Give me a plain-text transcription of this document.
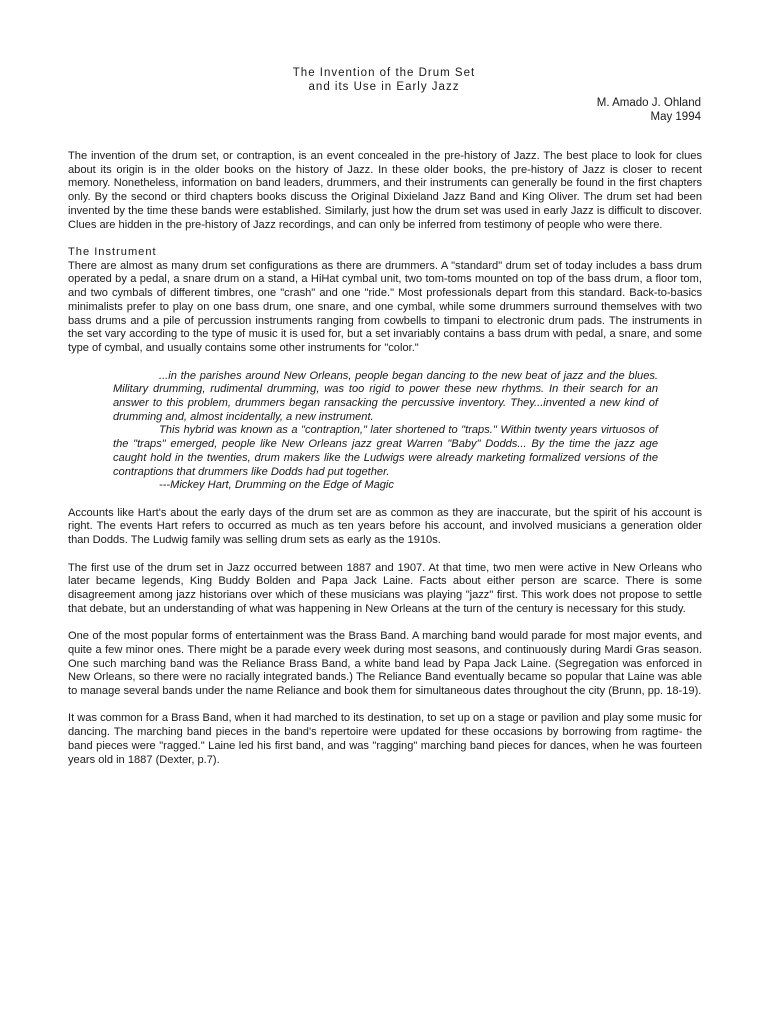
The Invention of the Drum Set
and its Use in Early Jazz
M. Amado J. Ohland
May 1994

The invention of the drum set, or contraption, is an event concealed in the pre-history of Jazz. The best place to look for clues about its origin is in the older books on the history of Jazz. In these older books, the pre-history of Jazz is closer to recent memory. Nonetheless, information on band leaders, drummers, and their instruments can generally be found in the first chapters only. By the second or third chapters books discuss the Original Dixieland Jazz Band and King Oliver. The drum set had been invented by the time these bands were established. Similarly, just how the drum set was used in early Jazz is difficult to discover. Clues are hidden in the pre-history of Jazz recordings, and can only be inferred from testimony of people who were there.

The Instrument

There are almost as many drum set configurations as there are drummers. A "standard" drum set of today includes a bass drum operated by a pedal, a snare drum on a stand, a HiHat cymbal unit, two tom-toms mounted on top of the bass drum, a floor tom, and two cymbals of different timbres, one "crash" and one "ride." Most professionals depart from this standard. Back-to-basics minimalists prefer to play on one bass drum, one snare, and one cymbal, while some drummers surround themselves with two bass drums and a pile of percussion instruments ranging from cowbells to timpani to electronic drum pads. The instruments in the set vary according to the type of music it is used for, but a set invariably contains a bass drum with pedal, a snare, and some type of cymbal, and usually contains some other instruments for "color."

...in the parishes around New Orleans, people began dancing to the new beat of jazz and the blues. Military drumming, rudimental drumming, was too rigid to power these new rhythms. In their search for an answer to this problem, drummers began ransacking the percussive inventory. They...invented a new kind of drumming and, almost incidentally, a new instrument.

This hybrid was known as a "contraption," later shortened to "traps." Within twenty years virtuosos of the "traps" emerged, people like New Orleans jazz great Warren "Baby" Dodds... By the time the jazz age caught hold in the twenties, drum makers like the Ludwigs were already marketing formalized versions of the contraptions that drummers like Dodds had put together.

---Mickey Hart, Drumming on the Edge of Magic

Accounts like Hart's about the early days of the drum set are as common as they are inaccurate, but the spirit of his account is right. The events Hart refers to occurred as much as ten years before his account, and involved musicians a generation older than Dodds. The Ludwig family was selling drum sets as early as the 1910s.

The first use of the drum set in Jazz occurred between 1887 and 1907. At that time, two men were active in New Orleans who later became legends, King Buddy Bolden and Papa Jack Laine. Facts about either person are scarce. There is some disagreement among jazz historians over which of these musicians was playing "jazz" first. This work does not propose to settle that debate, but an understanding of what was happening in New Orleans at the turn of the century is necessary for this study.

One of the most popular forms of entertainment was the Brass Band. A marching band would parade for most major events, and quite a few minor ones. There might be a parade every week during most seasons, and continuously during Mardi Gras season. One such marching band was the Reliance Brass Band, a white band lead by Papa Jack Laine. (Segregation was enforced in New Orleans, so there were no racially integrated bands.) The Reliance Band eventually became so popular that Laine was able to manage several bands under the name Reliance and book them for simultaneous dates throughout the city (Brunn, pp. 18-19).

It was common for a Brass Band, when it had marched to its destination, to set up on a stage or pavilion and play some music for dancing. The marching band pieces in the band's repertoire were updated for these occasions by borrowing from ragtime- the band pieces were "ragged." Laine led his first band, and was "ragging" marching band pieces for dances, when he was fourteen years old in 1887 (Dexter, p.7).
